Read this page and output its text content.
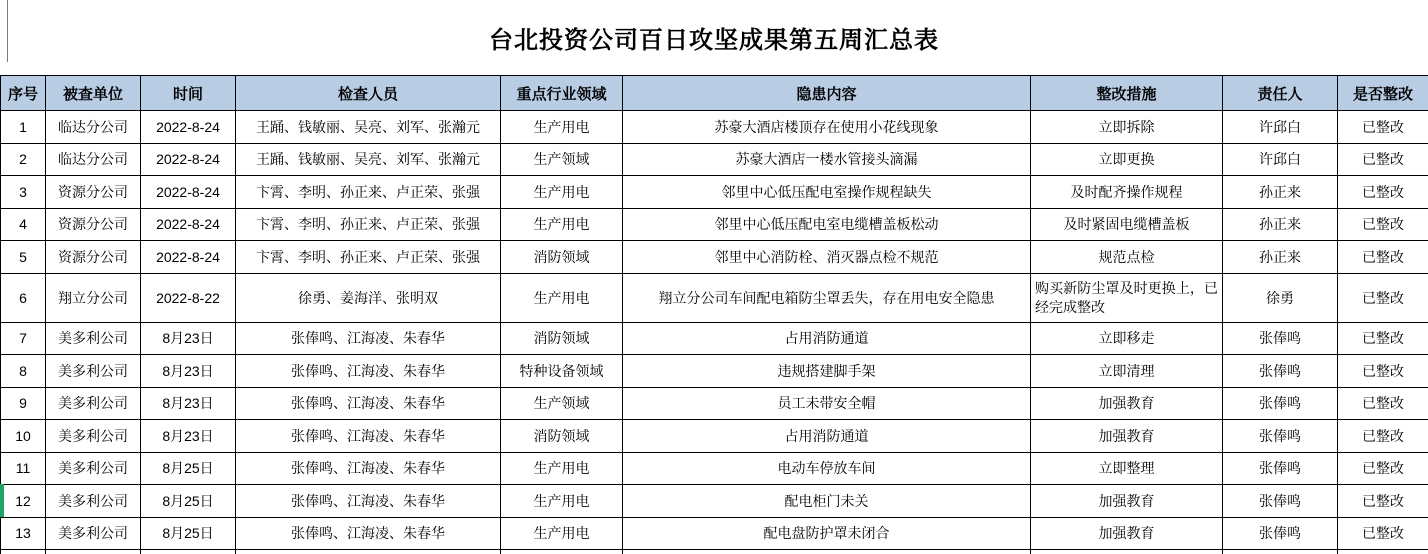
台北投资公司百日攻坚成果第五周汇总表
序号	被查单位	时间	检查人员	重点行业领域	隐患内容	整改措施	责任人	是否整改
1	临达分公司	2022-8-24	王踊、钱敏丽、吴亮、刘军、张瀚元	生产用电	苏豪大酒店楼顶存在使用小花线现象	立即拆除	许邱白	已整改
2	临达分公司	2022-8-24	王踊、钱敏丽、吴亮、刘军、张瀚元	生产领域	苏豪大酒店一楼水管接头滴漏	立即更换	许邱白	已整改
3	资源分公司	2022-8-24	卞霄、李明、孙正来、卢正荣、张强	生产用电	邻里中心低压配电室操作规程缺失	及时配齐操作规程	孙正来	已整改
4	资源分公司	2022-8-24	卞霄、李明、孙正来、卢正荣、张强	生产用电	邻里中心低压配电室电缆槽盖板松动	及时紧固电缆槽盖板	孙正来	已整改
5	资源分公司	2022-8-24	卞霄、李明、孙正来、卢正荣、张强	消防领域	邻里中心消防栓、消灭器点检不规范	规范点检	孙正来	已整改
6	翔立分公司	2022-8-22	徐勇、姜海洋、张明双	生产用电	翔立分公司车间配电箱防尘罩丢失，存在用电安全隐患	购买新防尘罩及时更换上，已经完成整改	徐勇	已整改
7	美多利公司	8月23日	张俸鸣、江海凌、朱春华	消防领域	占用消防通道	立即移走	张俸鸣	已整改
8	美多利公司	8月23日	张俸鸣、江海凌、朱春华	特种设备领域	违规搭建脚手架	立即清理	张俸鸣	已整改
9	美多利公司	8月23日	张俸鸣、江海凌、朱春华	生产领域	员工未带安全帽	加强教育	张俸鸣	已整改
10	美多利公司	8月23日	张俸鸣、江海凌、朱春华	消防领域	占用消防通道	加强教育	张俸鸣	已整改
11	美多利公司	8月25日	张俸鸣、江海凌、朱春华	生产用电	电动车停放车间	立即整理	张俸鸣	已整改
12	美多利公司	8月25日	张俸鸣、江海凌、朱春华	生产用电	配电柜门未关	加强教育	张俸鸣	已整改
13	美多利公司	8月25日	张俸鸣、江海凌、朱春华	生产用电	配电盘防护罩未闭合	加强教育	张俸鸣	已整改
